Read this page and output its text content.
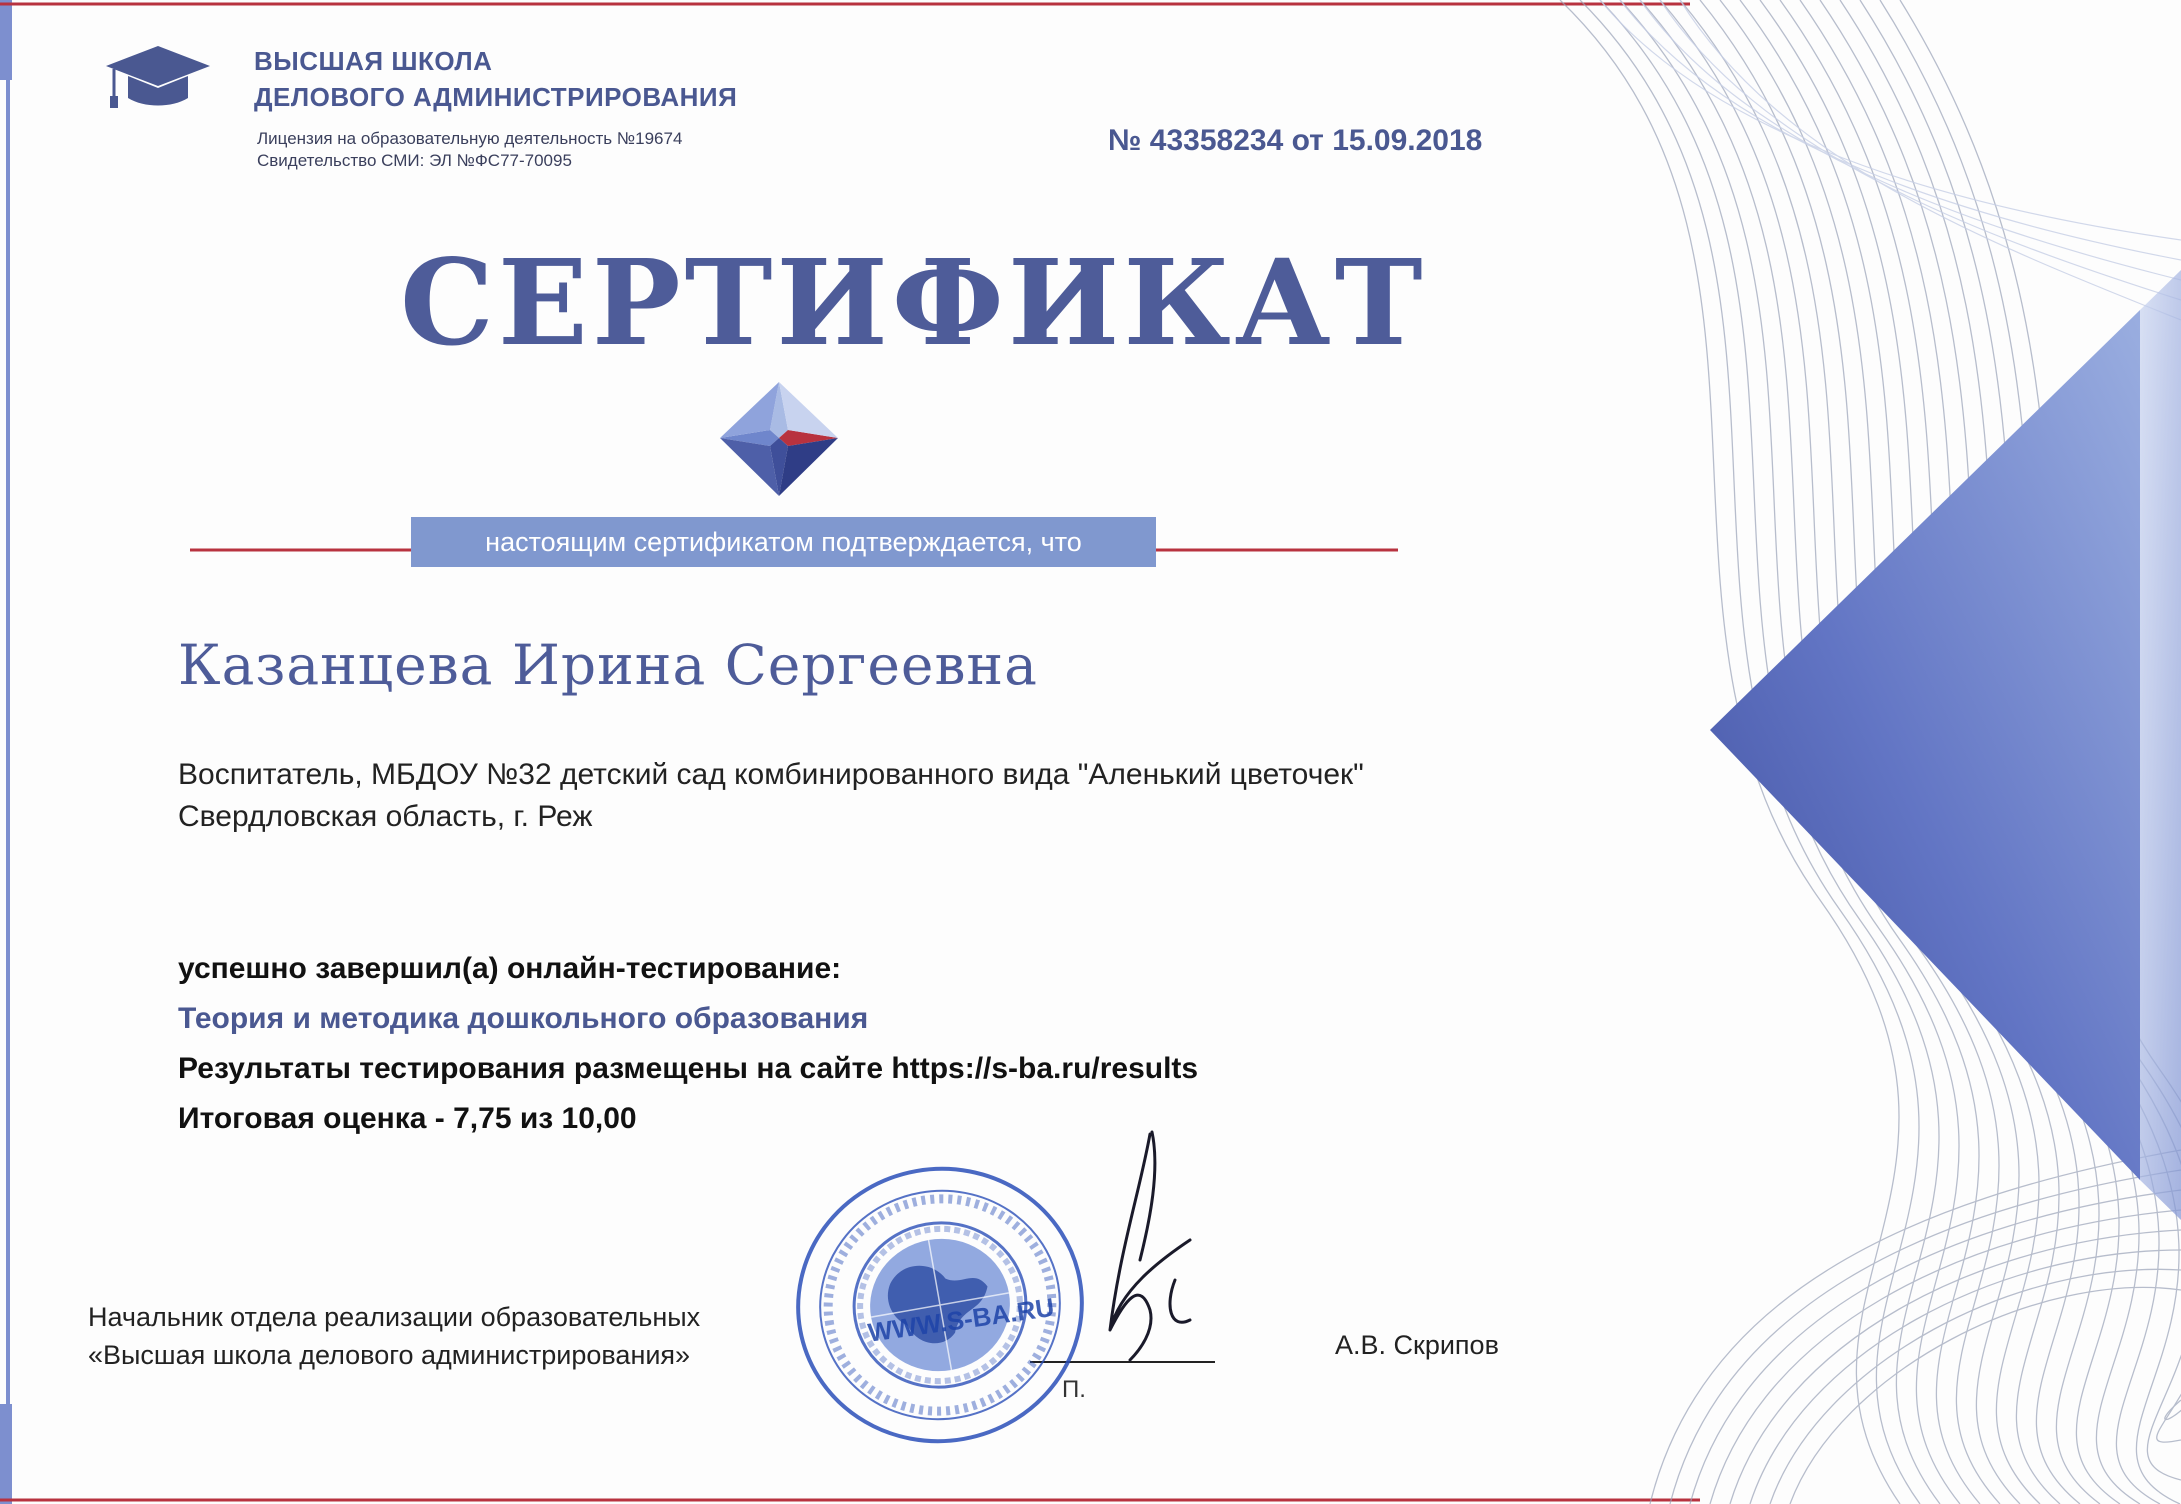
ВЫСШАЯ ШКОЛА
ДЕЛОВОГО АДМИНИСТРИРОВАНИЯ
Лицензия на образовательную деятельность №19674
Свидетельство СМИ: ЭЛ №ФС77-70095
№ 43358234 от 15.09.2018
СЕРТИФИКАТ
настоящим сертификатом подтверждается, что
Казанцева Ирина Сергеевна
Воспитатель, МБДОУ №32 детский сад комбинированного вида "Аленький цветочек"
Свердловская область, г. Реж
успешно завершил(а) онлайн-тестирование:
Теория и методика дошкольного образования
Результаты тестирования размещены на сайте https://s-ba.ru/results
Итоговая оценка - 7,75 из 10,00
Начальник отдела реализации образовательных
«Высшая школа делового администрирования»	А.В. Скрипов
WWW.S-BA.RU
П.
